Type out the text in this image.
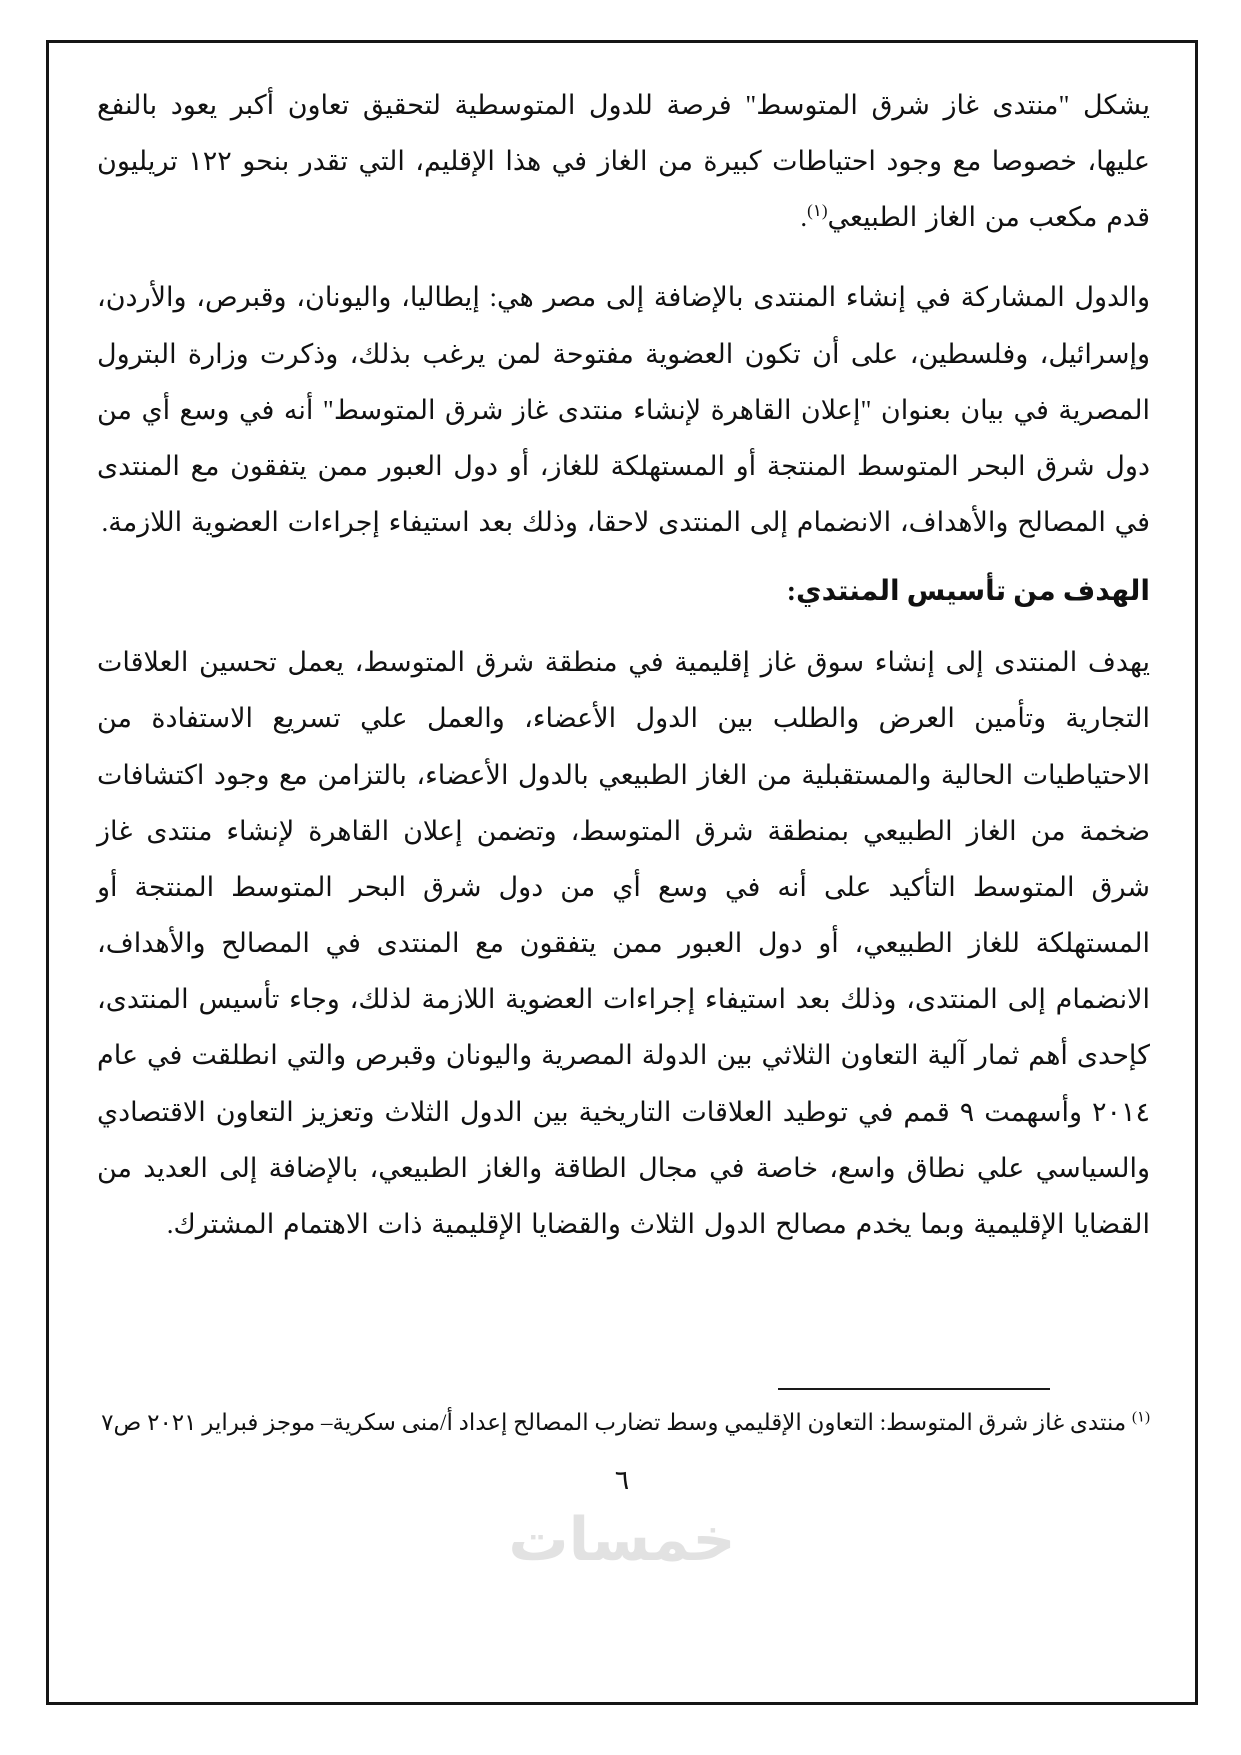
يشكل "منتدى غاز شرق المتوسط" فرصة للدول المتوسطية لتحقيق تعاون أكبر يعود بالنفع عليها، خصوصا مع وجود احتياطات كبيرة من الغاز في هذا الإقليم، التي تقدر بنحو ١٢٢ تريليون قدم مكعب من الغاز الطبيعي$^{(١)}$.

والدول المشاركة في إنشاء المنتدى بالإضافة إلى مصر هي: إيطاليا، واليونان، وقبرص، والأردن، وإسرائيل، وفلسطين، على أن تكون العضوية مفتوحة لمن يرغب بذلك، وذكرت وزارة البترول المصرية في بيان بعنوان "إعلان القاهرة لإنشاء منتدى غاز شرق المتوسط" أنه في وسع أي من دول شرق البحر المتوسط المنتجة أو المستهلكة للغاز، أو دول العبور ممن يتفقون مع المنتدى في المصالح والأهداف، الانضمام إلى المنتدى لاحقا، وذلك بعد استيفاء إجراءات العضوية اللازمة.

الهدف من تأسيس المنتدي:

يهدف المنتدى إلى إنشاء سوق غاز إقليمية في منطقة شرق المتوسط، يعمل تحسين العلاقات التجارية وتأمين العرض والطلب بين الدول الأعضاء، والعمل علي تسريع الاستفادة من الاحتياطيات الحالية والمستقبلية من الغاز الطبيعي بالدول الأعضاء، بالتزامن مع وجود اكتشافات ضخمة من الغاز الطبيعي بمنطقة شرق المتوسط، وتضمن إعلان القاهرة لإنشاء منتدى غاز شرق المتوسط التأكيد على أنه في وسع أي من دول شرق البحر المتوسط المنتجة أو المستهلكة للغاز الطبيعي، أو دول العبور ممن يتفقون مع المنتدى في المصالح والأهداف، الانضمام إلى المنتدى، وذلك بعد استيفاء إجراءات العضوية اللازمة لذلك، وجاء تأسيس المنتدى، كإحدى أهم ثمار آلية التعاون الثلاثي بين الدولة المصرية واليونان وقبرص والتي انطلقت في عام ٢٠١٤ وأسهمت ٩ قمم في توطيد العلاقات التاريخية بين الدول الثلاث وتعزيز التعاون الاقتصادي والسياسي علي نطاق واسع، خاصة في مجال الطاقة والغاز الطبيعي، بالإضافة إلى العديد من القضايا الإقليمية وبما يخدم مصالح الدول الثلاث والقضايا الإقليمية ذات الاهتمام المشترك.

$^{(١)}$ منتدى غاز شرق المتوسط: التعاون الإقليمي وسط تضارب المصالح إعداد أ/منى سكرية– موجز فبراير ٢٠٢١ ص٧
٦
خمسات
